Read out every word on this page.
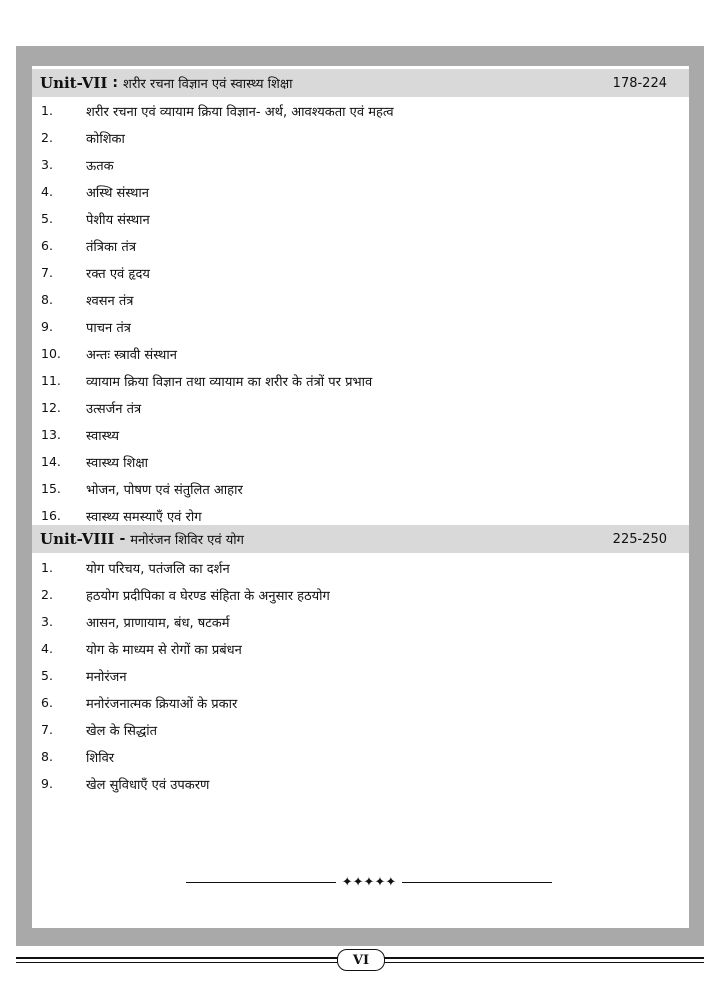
Unit-VII : शरीर रचना विज्ञान एवं स्वास्थ्य शिक्षा	178-224
1.	शरीर रचना एवं व्यायाम क्रिया विज्ञान- अर्थ, आवश्यकता एवं महत्व
2.	कोशिका
3.	ऊतक
4.	अस्थि संस्थान
5.	पेशीय संस्थान
6.	तंत्रिका तंत्र
7.	रक्त एवं हृदय
8.	श्वसन तंत्र
9.	पाचन तंत्र
10.	अन्तः स्त्रावी संस्थान
11.	व्यायाम क्रिया विज्ञान तथा व्यायाम का शरीर के तंत्रों पर प्रभाव
12.	उत्सर्जन तंत्र
13.	स्वास्थ्य
14.	स्वास्थ्य शिक्षा
15.	भोजन, पोषण एवं संतुलित आहार
16.	स्वास्थ्य समस्याएँ एवं रोग
Unit-VIII - मनोरंजन शिविर एवं योग	225-250
1.	योग परिचय, पतंजलि का दर्शन
2.	हठयोग प्रदीपिका व घेरण्ड संहिता के अनुसार हठयोग
3.	आसन, प्राणायाम, बंध, षटकर्म
4.	योग के माध्यम से रोगों का प्रबंधन
5.	मनोरंजन
6.	मनोरंजनात्मक क्रियाओं के प्रकार
7.	खेल के सिद्धांत
8.	शिविर
9.	खेल सुविधाएँ एवं उपकरण
✦✦✦✦✦
VI
